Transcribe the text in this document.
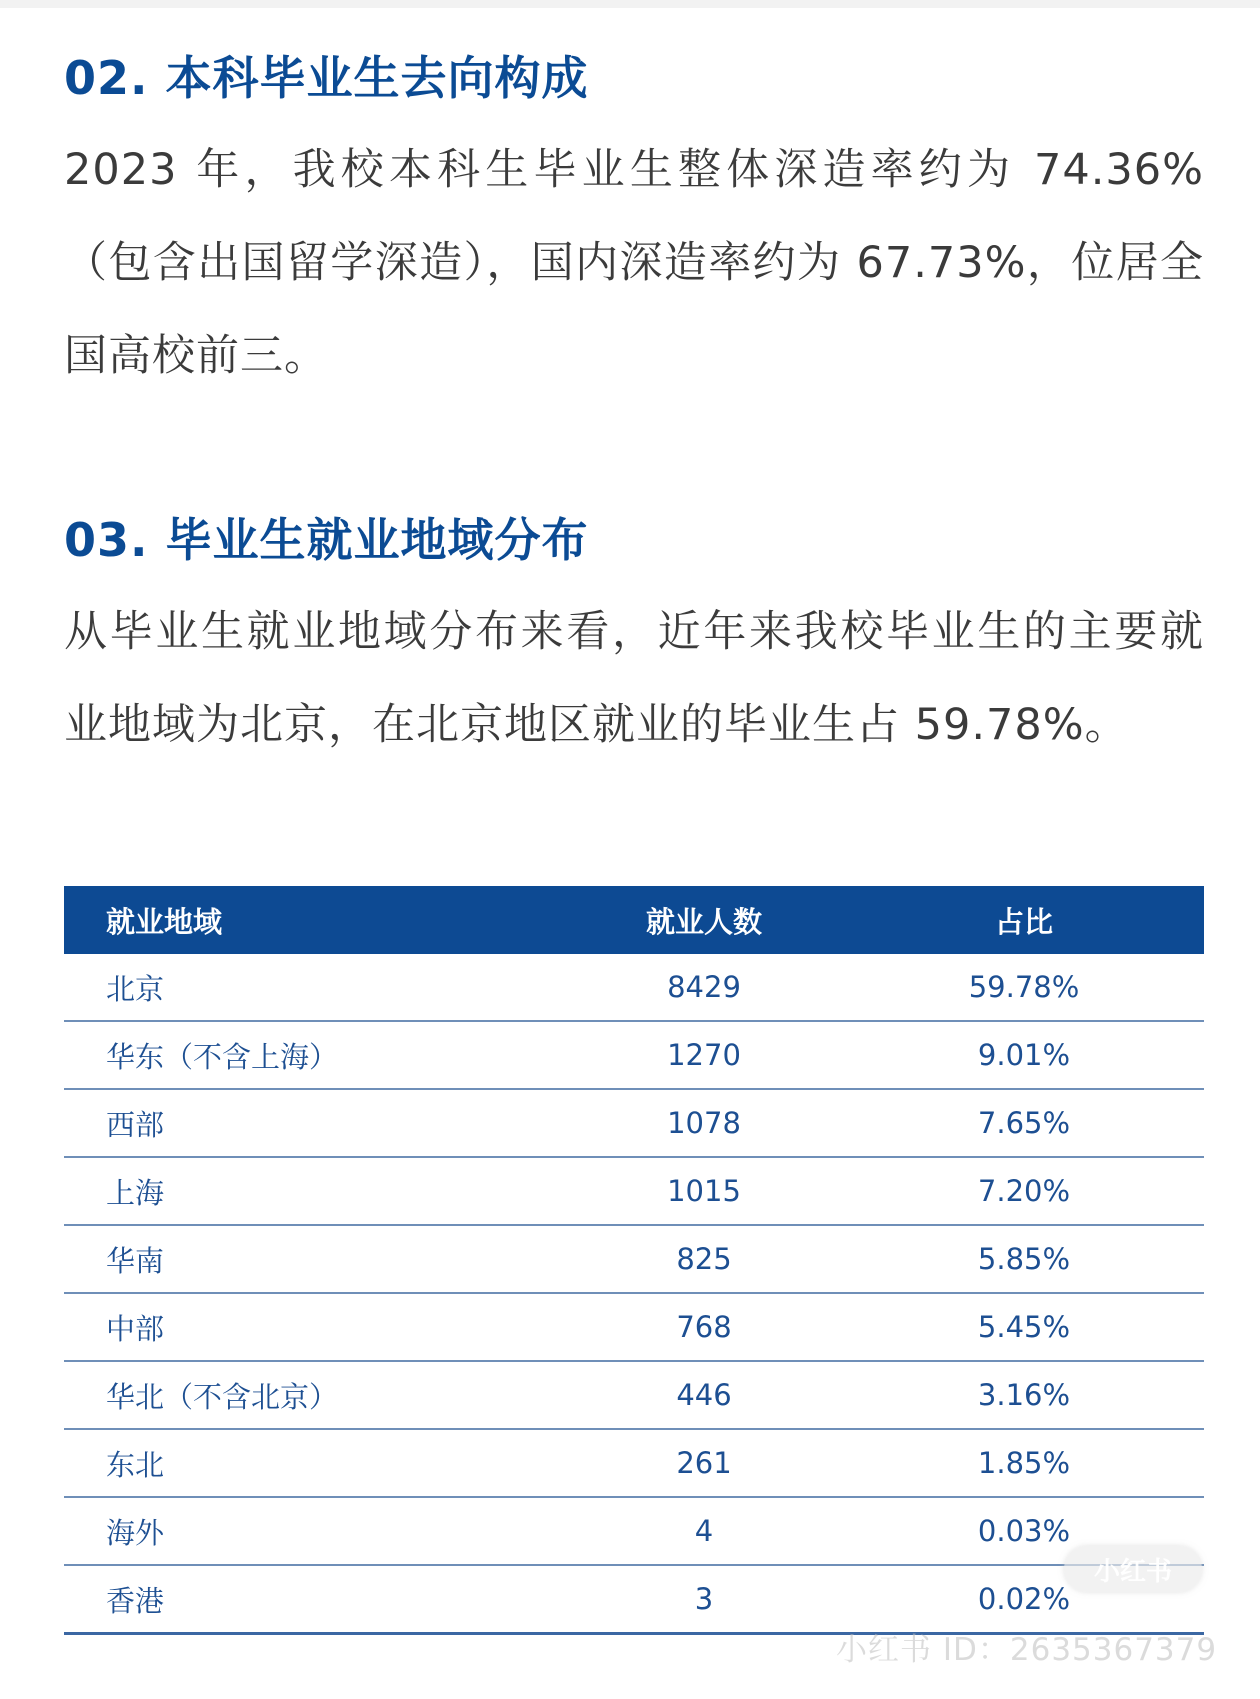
02. 本科毕业生去向构成

2023 年，我校本科生毕业生整体深造率约为 74.36%（包含出国留学深造），国内深造率约为 67.73%，位居全国高校前三。

03. 毕业生就业地域分布

从毕业生就业地域分布来看，近年来我校毕业生的主要就业地域为北京，在北京地区就业的毕业生占 59.78%。

就业地域	就业人数	占比
北京	8429	59.78%
华东（不含上海）	1270	9.01%
西部	1078	7.65%
上海	1015	7.20%
华南	825	5.85%
中部	768	5.45%
华北（不含北京）	446	3.16%
东北	261	1.85%
海外	4	0.03%
香港	3	0.02%
小红书
小红书 ID：2635367379
